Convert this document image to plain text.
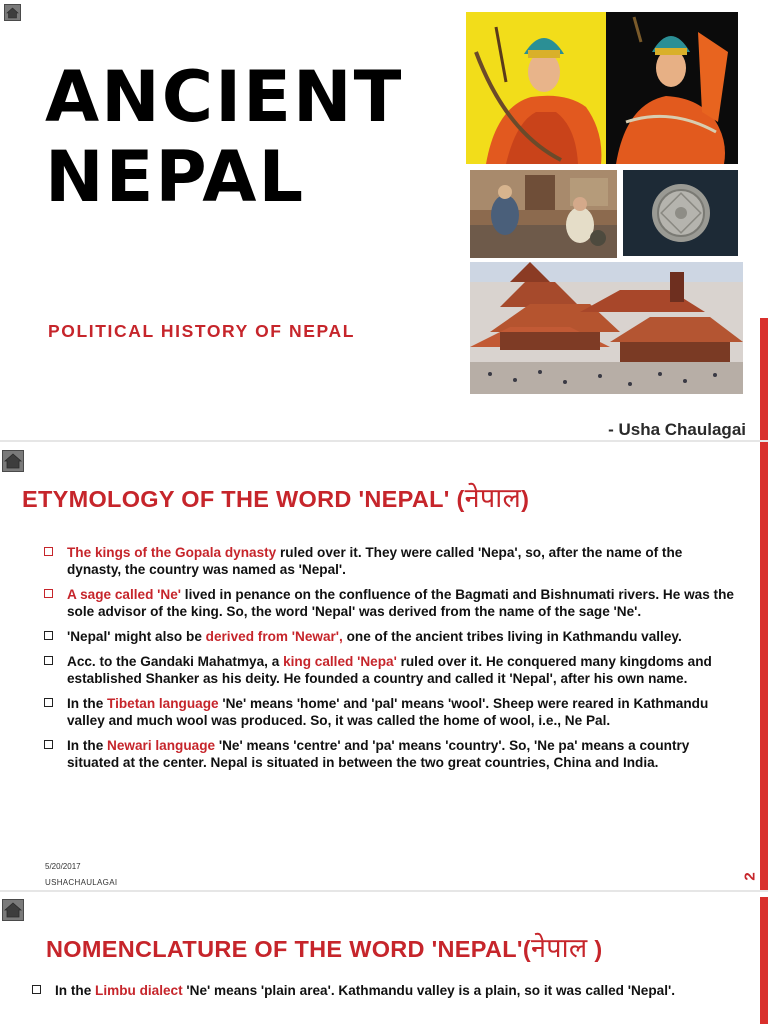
ANCIENT
NEPAL
POLITICAL HISTORY OF NEPAL
- Usha Chaulagai
ETYMOLOGY OF THE WORD 'NEPAL' (नेपाल)
The kings of the Gopala dynasty ruled over it. They were called 'Nepa', so, after the name of the dynasty, the country was named as 'Nepal'.
A sage called 'Ne' lived in penance on the confluence of the Bagmati and Bishnumati rivers. He was the sole advisor of the king. So, the word 'Nepal' was derived from the name of the sage 'Ne'.
'Nepal' might also be derived from 'Newar', one of the ancient tribes living in Kathmandu valley.
Acc. to the Gandaki Mahatmya, a king called 'Nepa' ruled over it. He conquered many kingdoms and established Shanker as his deity. He founded a country and called it 'Nepal', after his own name.
In the Tibetan language 'Ne' means 'home' and 'pal' means 'wool'. Sheep were reared in Kathmandu valley and much wool was produced. So, it was called the home of wool, i.e., Ne Pal.
In the Newari language 'Ne' means 'centre' and 'pa' means 'country'. So, 'Ne pa' means a country situated at the center. Nepal is situated in between the two great countries, China and India.
5/20/2017
USHACHAULAGAI
2
NOMENCLATURE OF THE WORD 'NEPAL'(नेपाल )
In the Limbu dialect 'Ne' means 'plain area'. Kathmandu valley is a plain, so it was called 'Nepal'.
